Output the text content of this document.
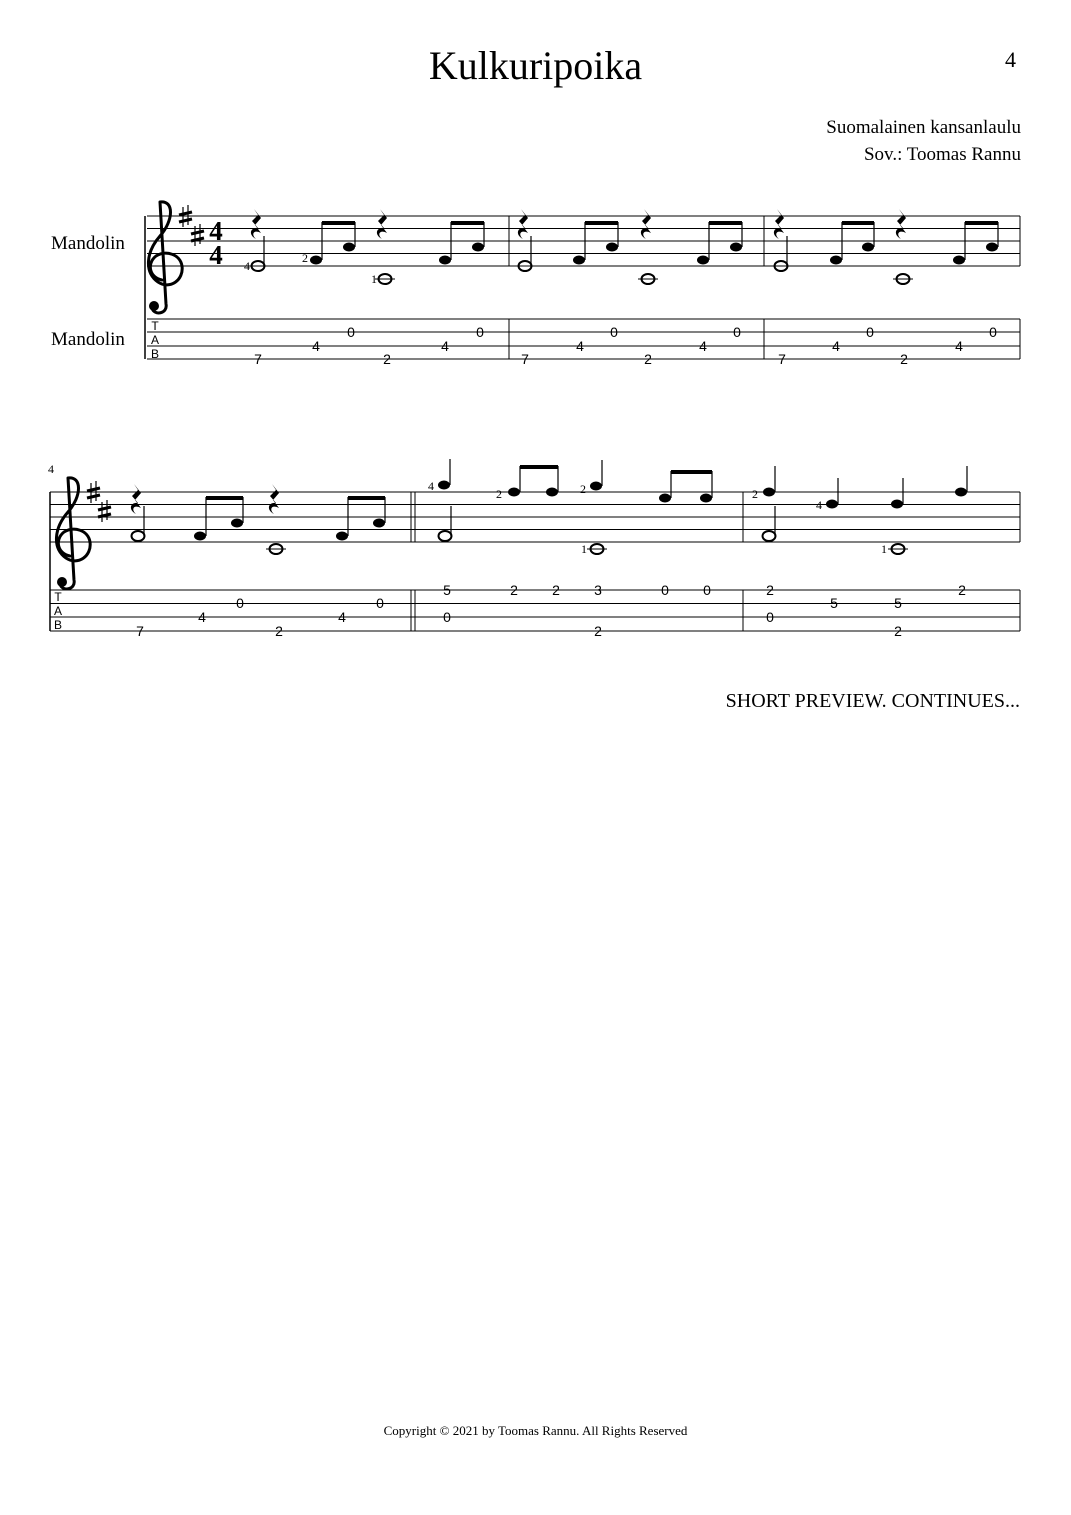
Kulkuripoika	4
Suomalainen kansanlaulu
Sov.: Toomas Rannu
Mandolin
Mandolin
4
4
4 4
2
1
T
A
B	7
4
0
2
4
0
7
4
0
2
4
0
7
4
0
2
4
0
4
2	2
1
2
4
1
T
A
B	7
4
0
2
4
0
5
0
2 2 3
2
0 0	2
0
5	5
2
2
SHORT PREVIEW. CONTINUES...
Copyright © 2021 by Toomas Rannu. All Rights Reserved
